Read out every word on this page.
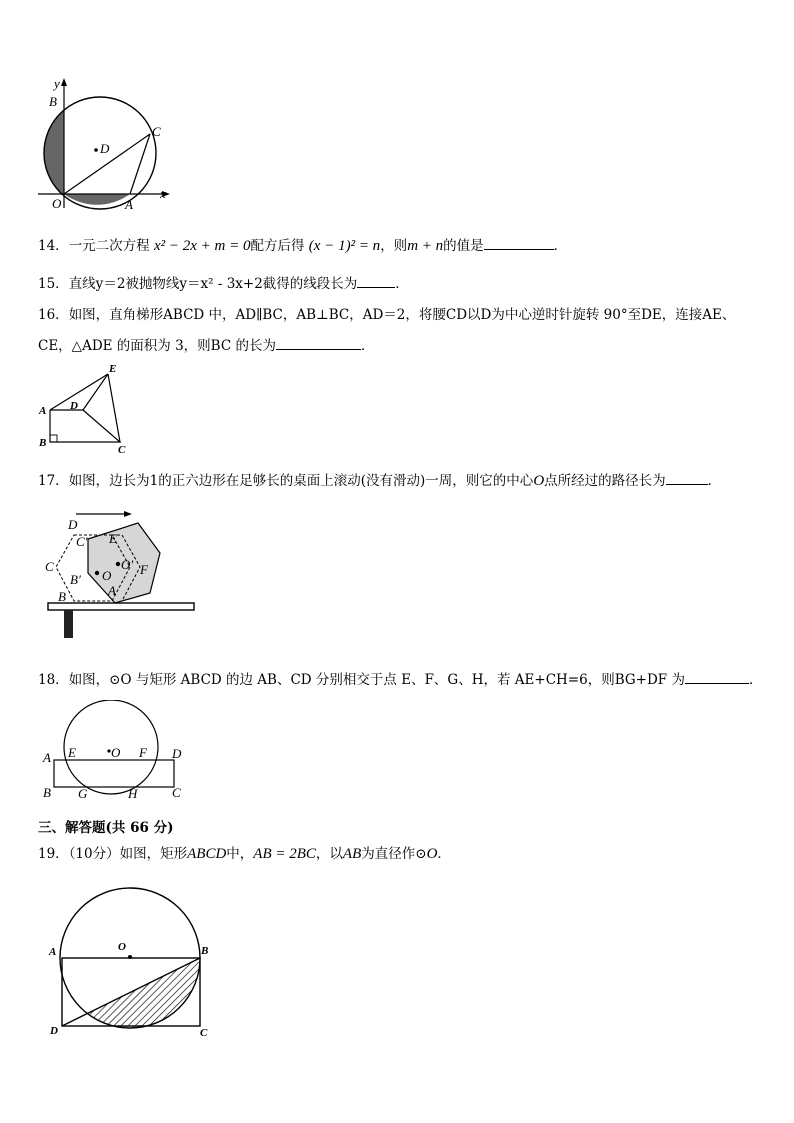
y
x
O	A
B
C
D
14．一元二次方程 x² − 2x + m = 0配方后得 (x − 1)² = n，则m + n的值是	．
15．直线y＝2被抛物线y＝x² - 3x+2截得的线段长为	．
16．如图，直角梯形ABCD 中，AD∥BC，AB⊥BC，AD＝2，将腰CD以D为中心逆时针旋转 90°至DE，连接AE、
CE，△ADE 的面积为 3，则BC 的长为	．
A
B
C
D
E
17．如图，边长为1的正六边形在足够长的桌面上滚动(没有滑动)一周，则它的中心O点所经过的路径长为	．
D
C′ E
C
B′ O
O′ F
A
B
18．如图，⊙O 与矩形 ABCD 的边 AB、CD 分别相交于点 E、F、G、H，若 AE+CH=6，则BG+DF 为	．
A	D
E	O F
B G	H	C
三、解答题(共 66 分)
19．（10分）如图，矩形ABCD中，AB = 2BC，以AB为直径作⊙O．
A	O	B
D	C
